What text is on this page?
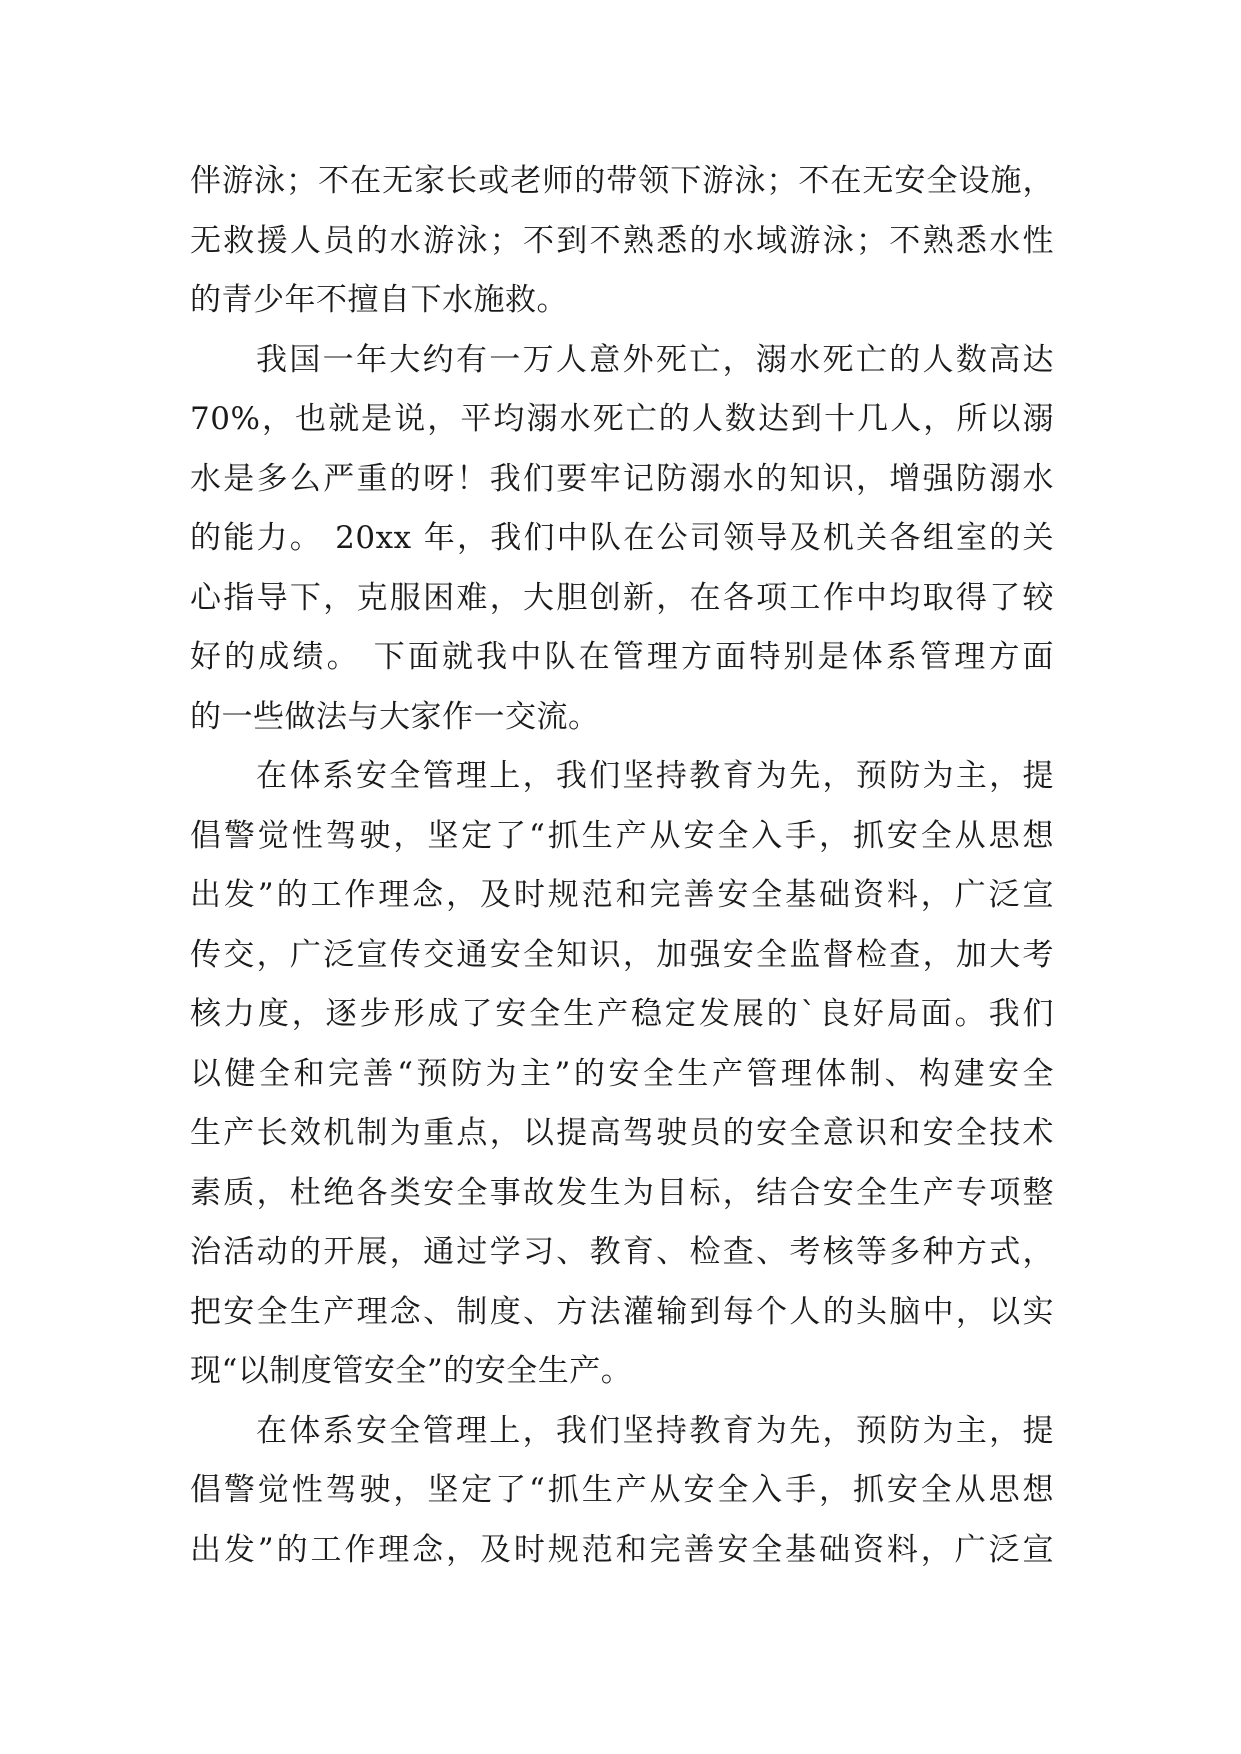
伴游泳；不在无家长或老师的带领下游泳；不在无安全设施，
无救援人员的水游泳；不到不熟悉的水域游泳；不熟悉水性
的青少年不擅自下水施救。
我国一年大约有一万人意外死亡，溺水死亡的人数高达
70%，也就是说，平均溺水死亡的人数达到十几人，所以溺
水是多么严重的呀！我们要牢记防溺水的知识，增强防溺水
的能力。 20xx 年，我们中队在公司领导及机关各组室的关
心指导下，克服困难，大胆创新，在各项工作中均取得了较
好的成绩。 下面就我中队在管理方面特别是体系管理方面
的一些做法与大家作一交流。
在体系安全管理上，我们坚持教育为先，预防为主，提
倡警觉性驾驶，坚定了“抓生产从安全入手，抓安全从思想
出发”的工作理念，及时规范和完善安全基础资料，广泛宣
传交，广泛宣传交通安全知识，加强安全监督检查，加大考
核力度，逐步形成了安全生产稳定发展的`良好局面。我们
以健全和完善“预防为主”的安全生产管理体制、构建安全
生产长效机制为重点，以提高驾驶员的安全意识和安全技术
素质，杜绝各类安全事故发生为目标，结合安全生产专项整
治活动的开展，通过学习、教育、检查、考核等多种方式，
把安全生产理念、制度、方法灌输到每个人的头脑中，以实
现“以制度管安全”的安全生产。
在体系安全管理上，我们坚持教育为先，预防为主，提
倡警觉性驾驶，坚定了“抓生产从安全入手，抓安全从思想
出发”的工作理念，及时规范和完善安全基础资料，广泛宣
